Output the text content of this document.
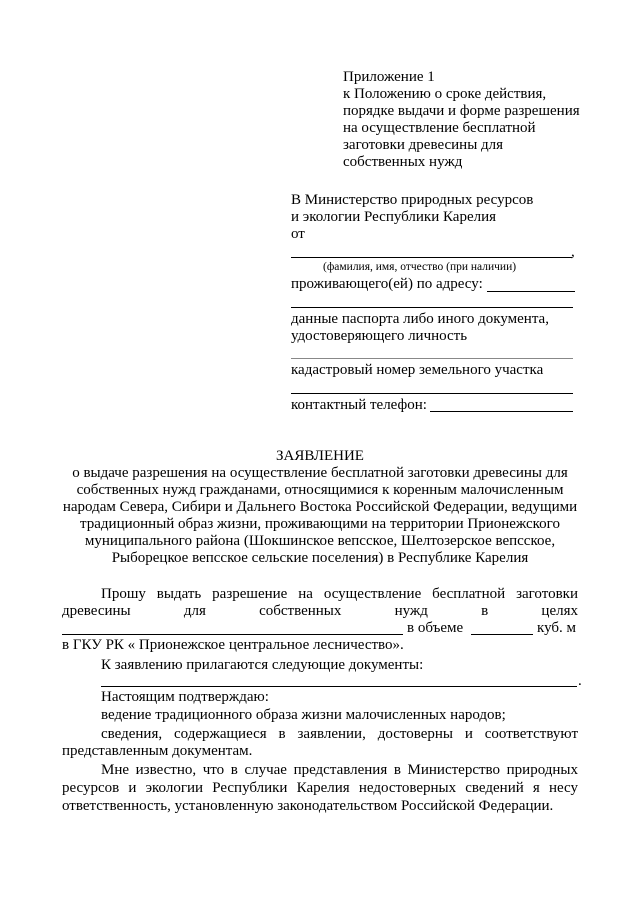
Приложение 1
к Положению о сроке действия,
порядке выдачи и форме разрешения
на осуществление бесплатной
заготовки древесины для
собственных нужд
В Министерство природных ресурсов
и экологии Республики Карелия
от
,
(фамилия, имя, отчество (при наличии)
проживающего(ей) по адресу:
данные паспорта либо иного документа,
удостоверяющего личность
кадастровый номер земельного участка
контактный телефон:
ЗАЯВЛЕНИЕ
о выдаче разрешения на осуществление бесплатной заготовки древесины для
собственных нужд гражданами, относящимися к коренным малочисленным
народам Севера, Сибири и Дальнего Востока Российской Федерации, ведущими
традиционный образ жизни, проживающими на территории Прионежского
муниципального района (Шокшинское вепсское, Шелтозерское вепсское,
Рыборецкое вепсское сельские поселения) в Республике Карелия
Прошу выдать разрешение на осуществление бесплатной заготовки
древесины для собственных нужд в целях
в объеме	куб. м
в ГКУ РК « Прионежское центральное лесничество».
К заявлению прилагаются следующие документы:
.
Настоящим подтверждаю:
ведение традиционного образа жизни малочисленных народов;
сведения, содержащиеся в заявлении, достоверны и соответствуют
представленным документам.
Мне известно, что в случае представления в Министерство природных
ресурсов и экологии Республики Карелия недостоверных сведений я несу
ответственность, установленную законодательством Российской Федерации.
